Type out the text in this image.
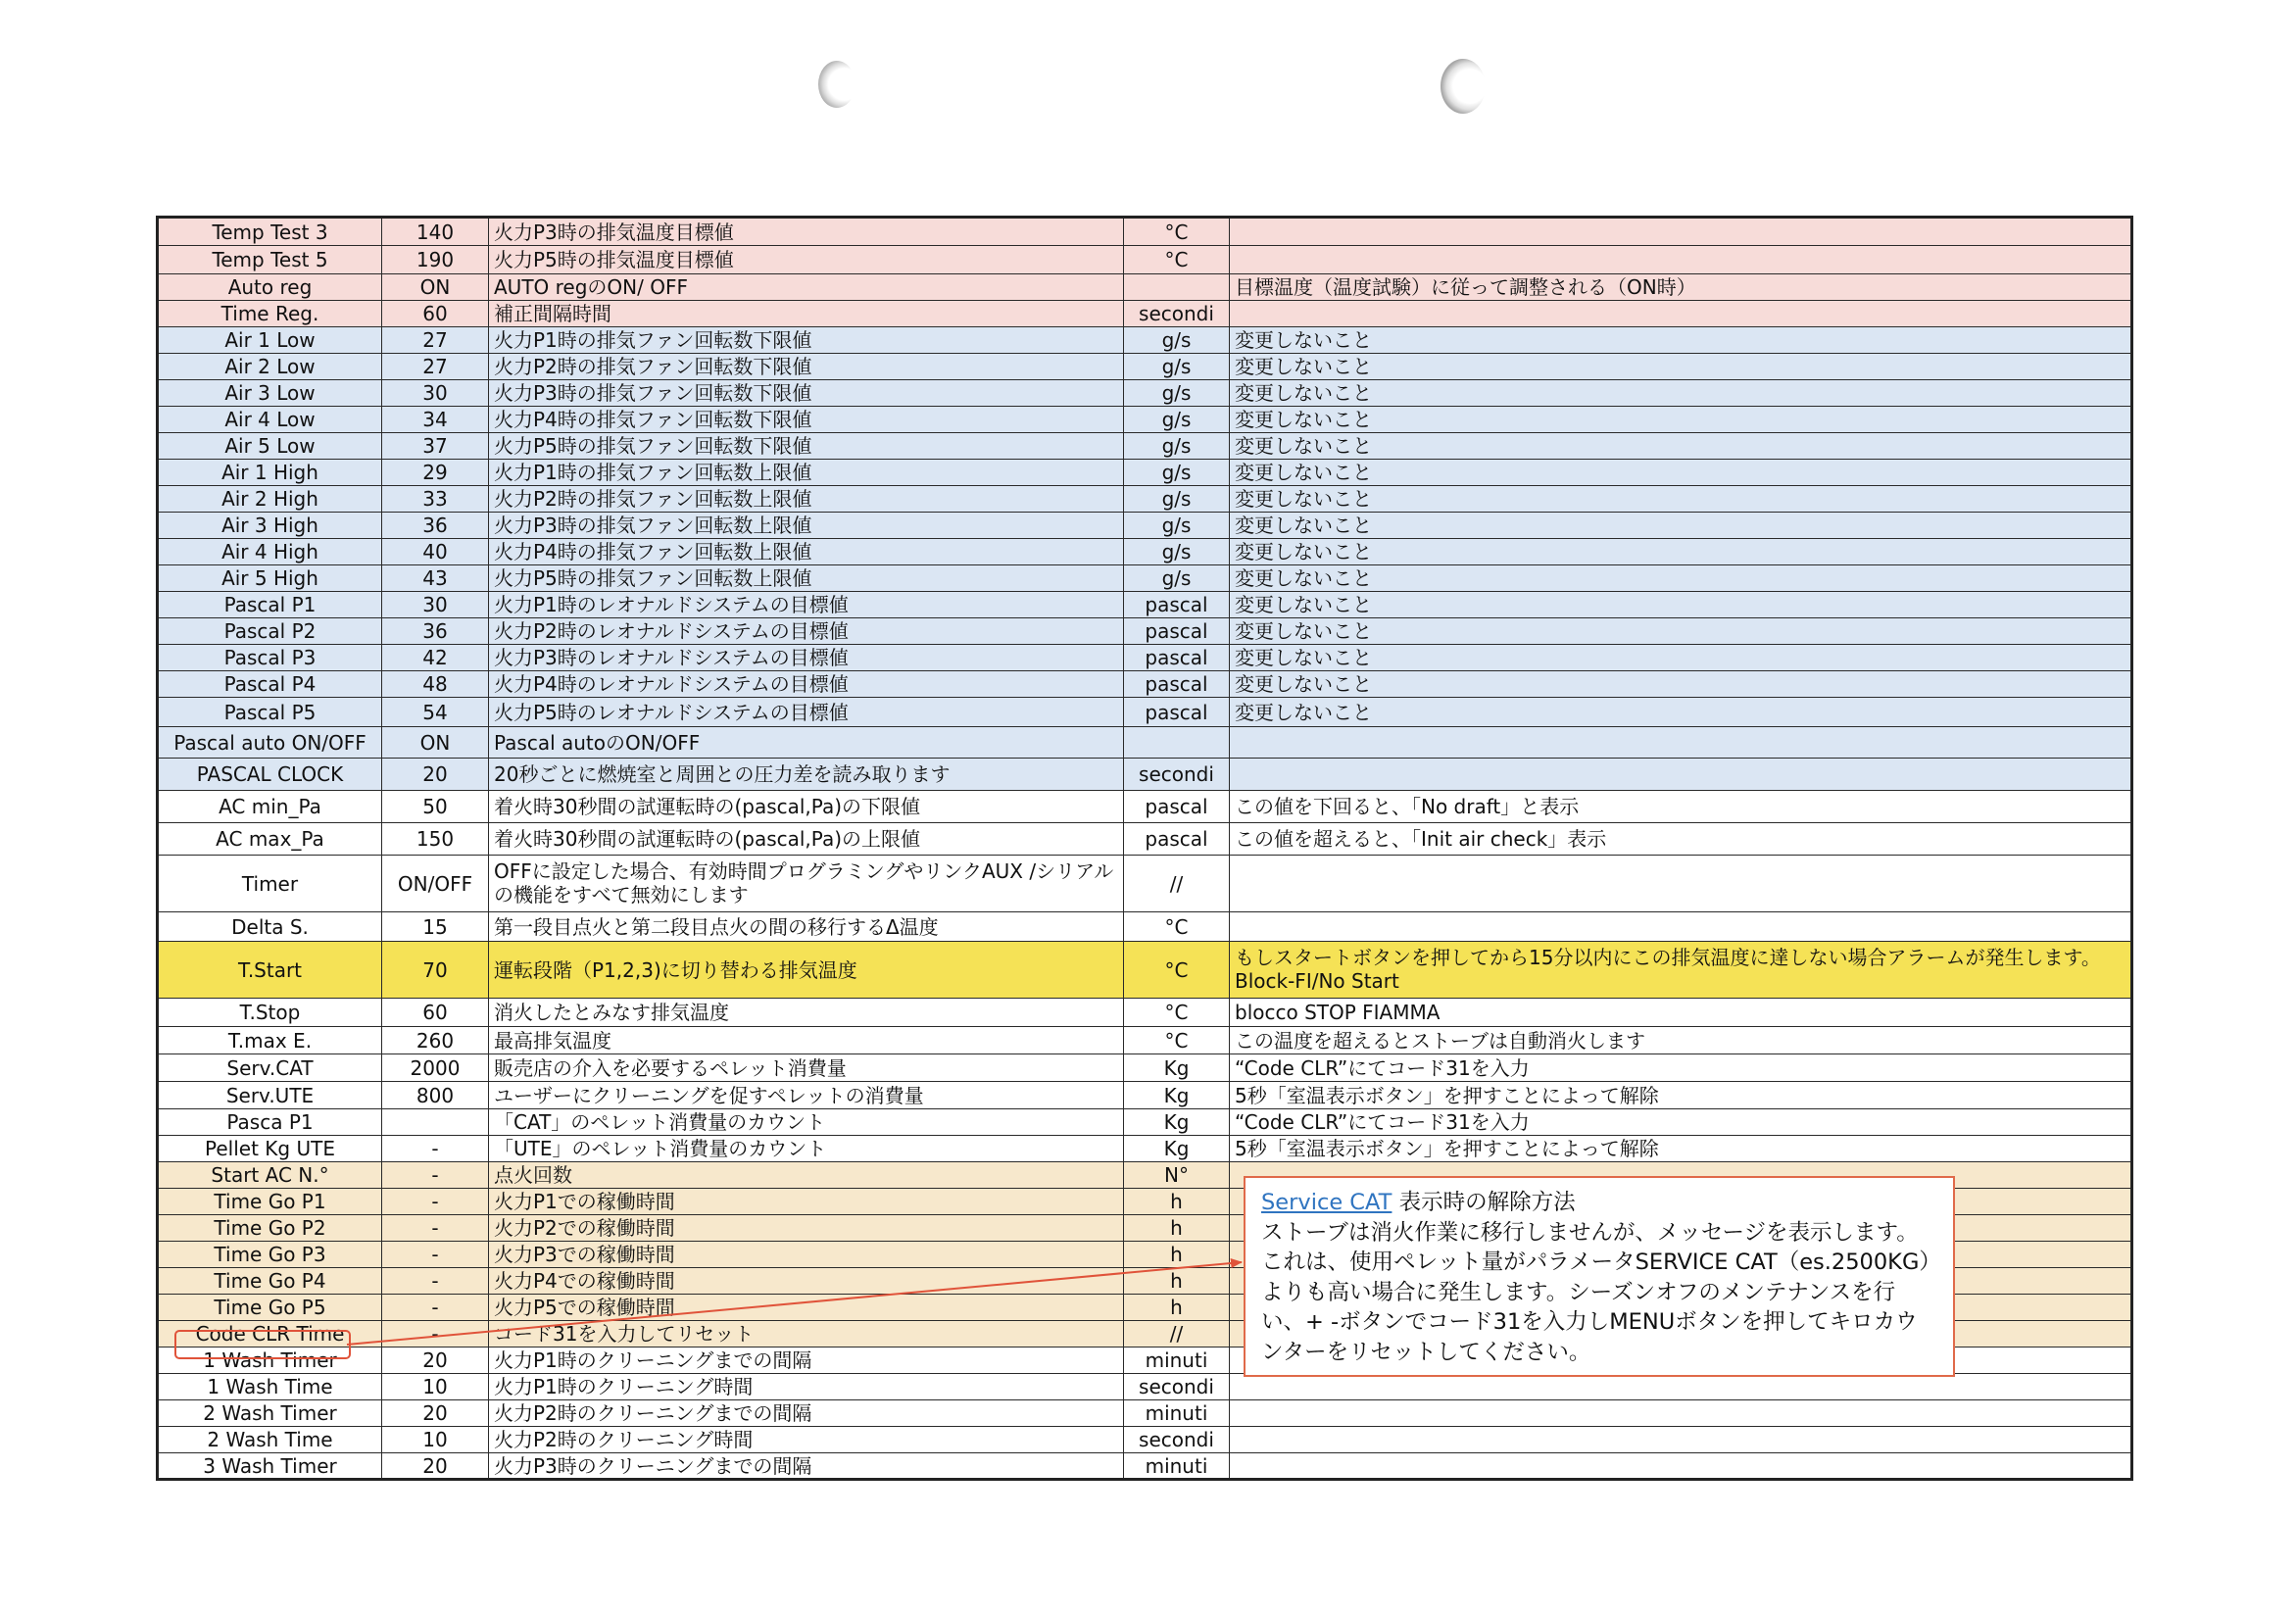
Temp Test 3	140	火力P3時の排気温度目標値	°C	
Temp Test 5	190	火力P5時の排気温度目標値	°C	
Auto reg	ON	AUTO regのON/ OFF		目標温度（温度試験）に従って調整される（ON時）
Time Reg.	60	補正間隔時間	secondi	
Air 1 Low	27	火力P1時の排気ファン回転数下限値	g/s	変更しないこと
Air 2 Low	27	火力P2時の排気ファン回転数下限値	g/s	変更しないこと
Air 3 Low	30	火力P3時の排気ファン回転数下限値	g/s	変更しないこと
Air 4 Low	34	火力P4時の排気ファン回転数下限値	g/s	変更しないこと
Air 5 Low	37	火力P5時の排気ファン回転数下限値	g/s	変更しないこと
Air 1 High	29	火力P1時の排気ファン回転数上限値	g/s	変更しないこと
Air 2 High	33	火力P2時の排気ファン回転数上限値	g/s	変更しないこと
Air 3 High	36	火力P3時の排気ファン回転数上限値	g/s	変更しないこと
Air 4 High	40	火力P4時の排気ファン回転数上限値	g/s	変更しないこと
Air 5 High	43	火力P5時の排気ファン回転数上限値	g/s	変更しないこと
Pascal P1	30	火力P1時のレオナルドシステムの目標値	pascal	変更しないこと
Pascal P2	36	火力P2時のレオナルドシステムの目標値	pascal	変更しないこと
Pascal P3	42	火力P3時のレオナルドシステムの目標値	pascal	変更しないこと
Pascal P4	48	火力P4時のレオナルドシステムの目標値	pascal	変更しないこと
Pascal P5	54	火力P5時のレオナルドシステムの目標値	pascal	変更しないこと
Pascal auto ON/OFF	ON	Pascal autoのON/OFF		
PASCAL CLOCK	20	20秒ごとに燃焼室と周囲との圧力差を読み取ります	secondi	
AC min_Pa	50	着火時30秒間の試運転時の(pascal,Pa)の下限値	pascal	この値を下回ると、「No draft」と表示
AC max_Pa	150	着火時30秒間の試運転時の(pascal,Pa)の上限値	pascal	この値を超えると、「Init air check」表示
Timer	ON/OFF	OFFに設定した場合、有効時間プログラミングやリンクAUX /シリアルの機能をすべて無効にします	//	
Delta S.	15	第一段目点火と第二段目点火の間の移行するΔ温度	°C	
T.Start	70	運転段階（P1,2,3)に切り替わる排気温度	°C	もしスタートボタンを押してから15分以内にこの排気温度に達しない場合アラームが発生します。Block-FI/No Start
T.Stop	60	消火したとみなす排気温度	°C	blocco STOP FIAMMA
T.max E.	260	最高排気温度	°C	この温度を超えるとストーブは自動消火します
Serv.CAT	2000	販売店の介入を必要するペレット消費量	Kg	“Code CLR”にてコード31を入力
Serv.UTE	800	ユーザーにクリーニングを促すペレットの消費量	Kg	5秒「室温表示ボタン」を押すことによって解除
Pasca P1		「CAT」のペレット消費量のカウント	Kg	“Code CLR”にてコード31を入力
Pellet Kg UTE	-	「UTE」のペレット消費量のカウント	Kg	5秒「室温表示ボタン」を押すことによって解除
Start AC N.°	-	点火回数	N°	
Time Go P1	-	火力P1での稼働時間	h	
Time Go P2	-	火力P2での稼働時間	h	
Time Go P3	-	火力P3での稼働時間	h	
Time Go P4	-	火力P4での稼働時間	h	
Time Go P5	-	火力P5での稼働時間	h	
Code CLR Time	-	コード31を入力してリセット	//	
1 Wash Timer	20	火力P1時のクリーニングまでの間隔	minuti	
1 Wash Time	10	火力P1時のクリーニング時間	secondi	
2 Wash Timer	20	火力P2時のクリーニングまでの間隔	minuti	
2 Wash Time	10	火力P2時のクリーニング時間	secondi	
3 Wash Timer	20	火力P3時のクリーニングまでの間隔	minuti	
Service CAT 表示時の解除方法
ストーブは消火作業に移行しませんが、メッセージを表示します。これは、使用ペレット量がパラメータSERVICE CAT（es.2500KG）よりも高い場合に発生します。シーズンオフのメンテナンスを行い、+ -ボタンでコード31を入力しMENUボタンを押してキロカウンターをリセットしてください。
